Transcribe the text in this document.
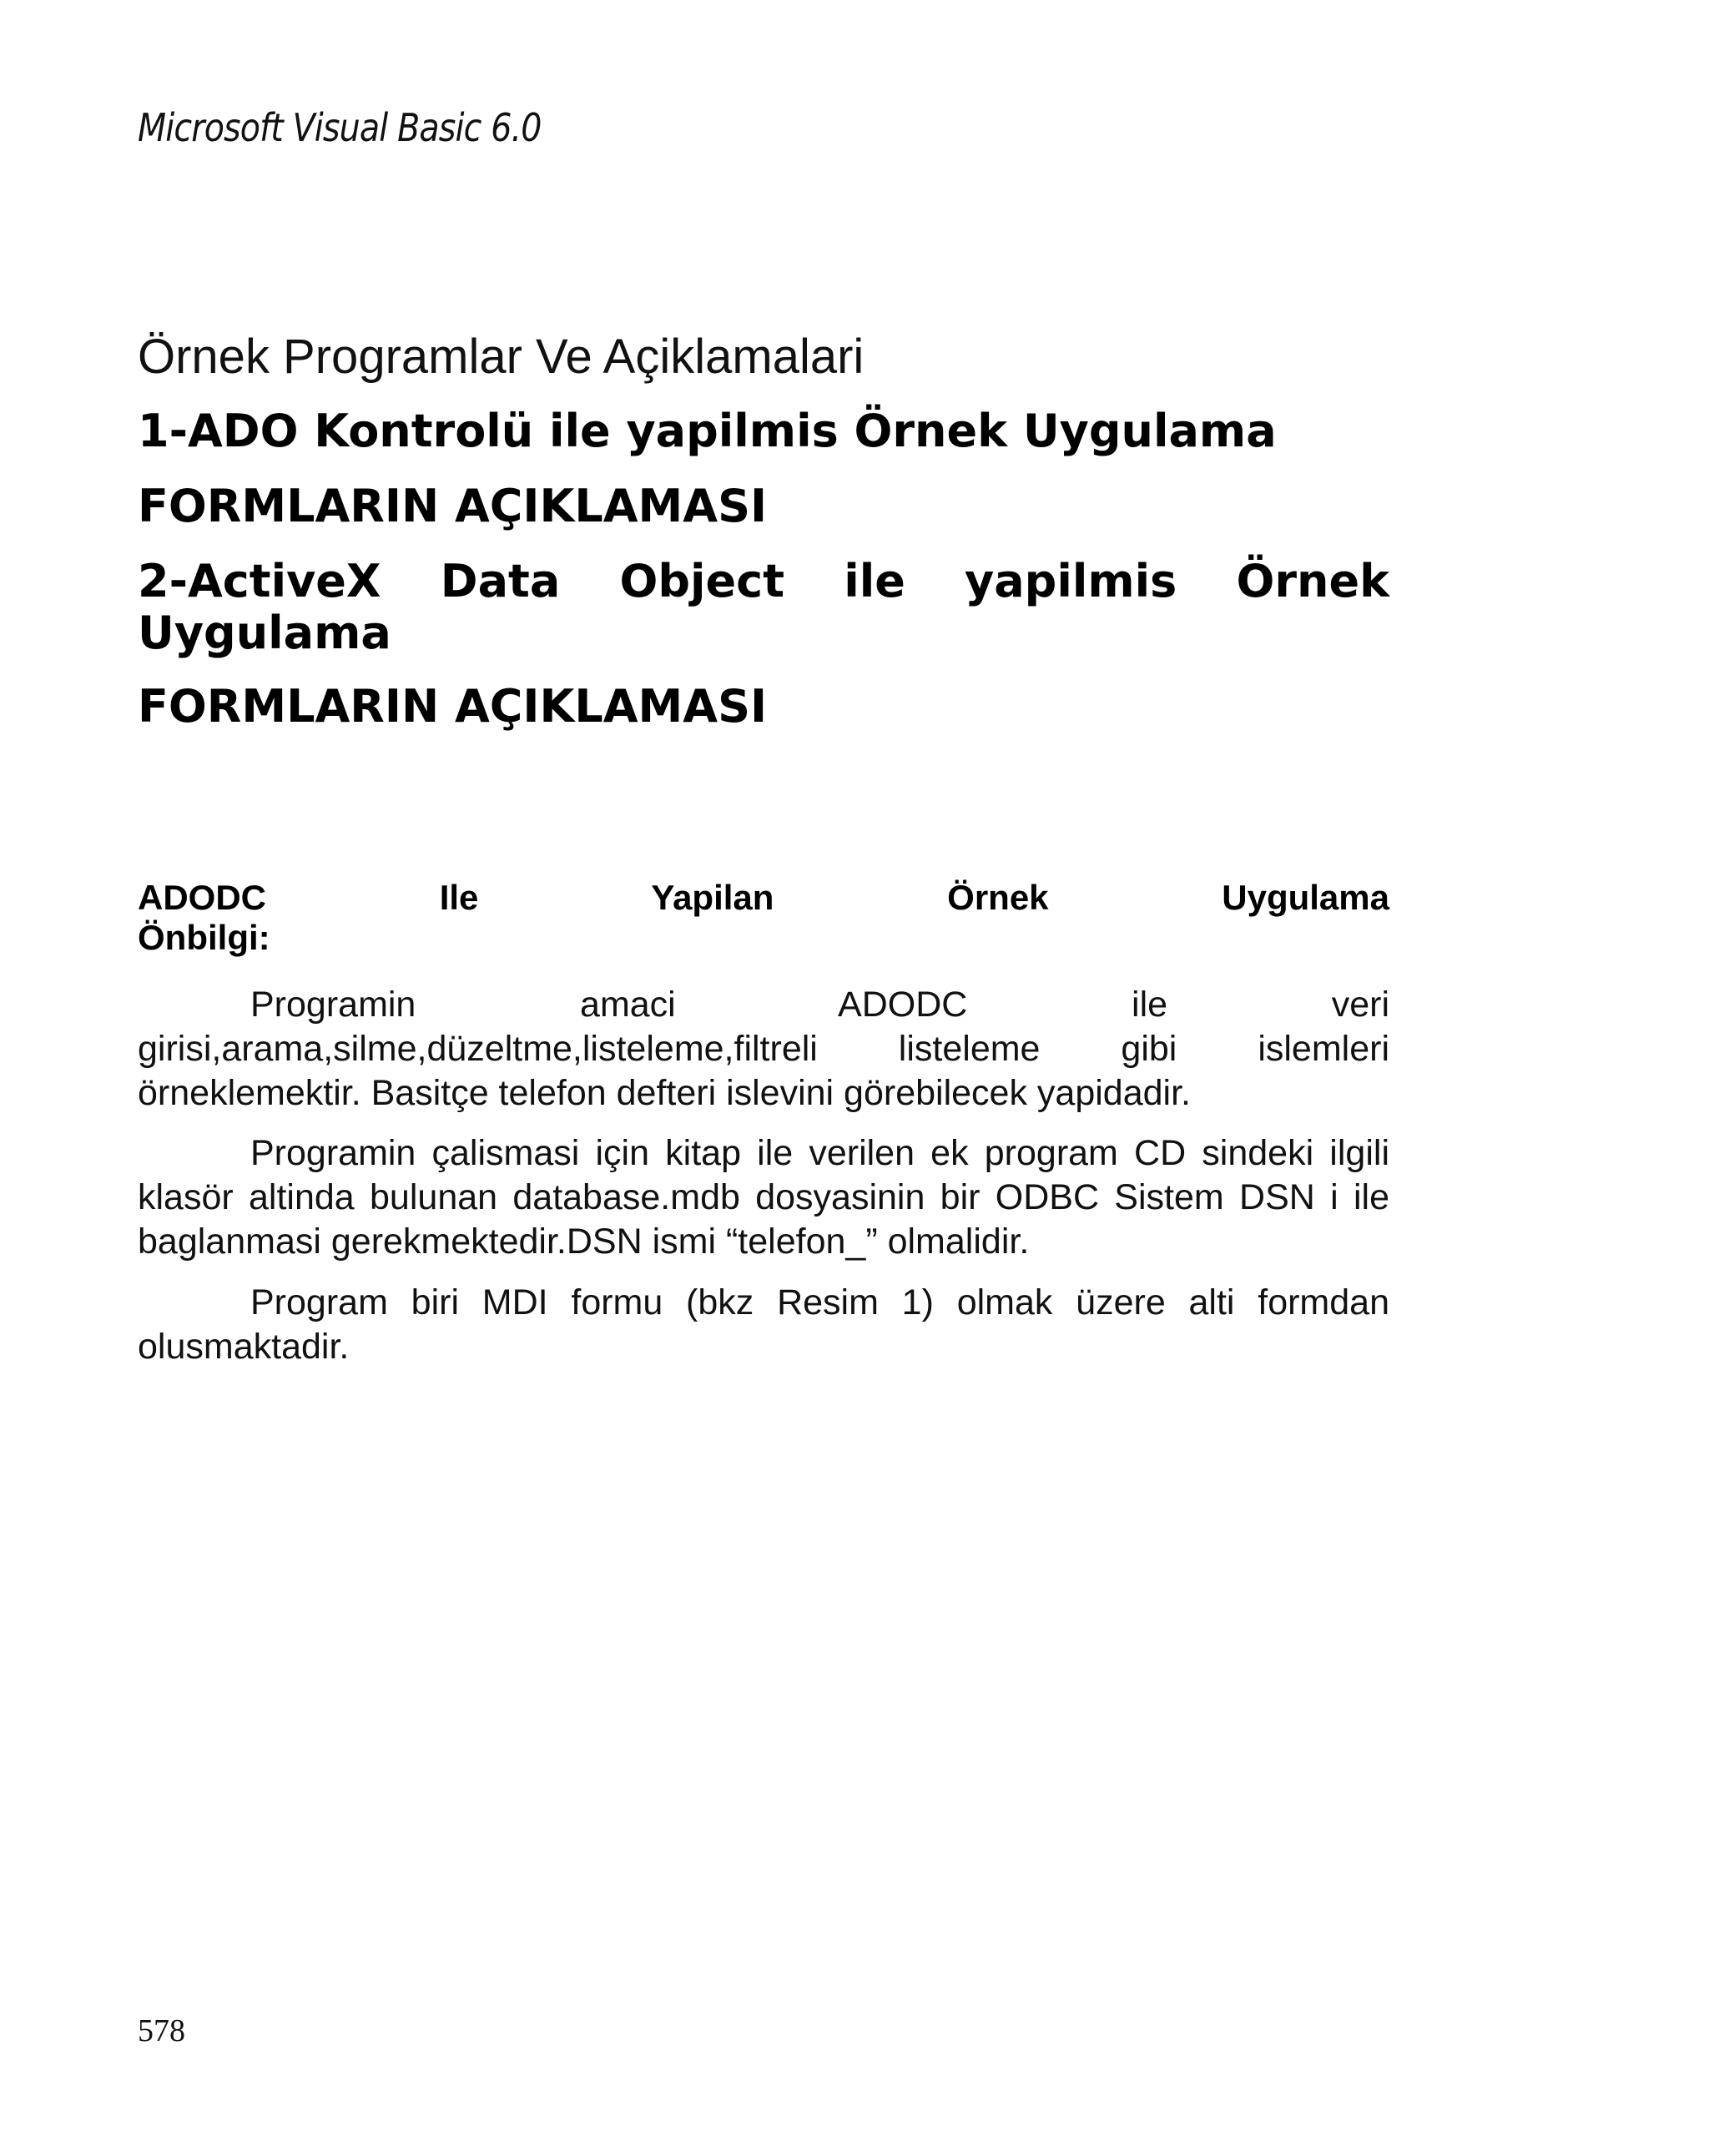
Microsoft Visual Basic 6.0
Örnek Programlar Ve Açiklamalari
1-ADO Kontrolü ile yapilmis Örnek Uygulama
FORMLARIN AÇIKLAMASI
2-ActiveX Data Object ile yapilmis Örnek
Uygulama
FORMLARIN AÇIKLAMASI
ADODC Ile Yapilan Örnek Uygulama
Önbilgi:

Programin amaci ADODC ile veri girisi,arama,silme,düzeltme,listeleme,filtreli listeleme gibi islemleri örneklemektir. Basitçe telefon defteri islevini görebilecek yapidadir.

Programin çalismasi için kitap ile verilen ek program CD sindeki ilgili klasör altinda bulunan database.mdb dosyasinin bir ODBC Sistem DSN i ile baglanmasi gerekmektedir.DSN ismi “telefon_” olmalidir.

Program biri MDI formu (bkz Resim 1) olmak üzere alti formdan olusmaktadir.

578
